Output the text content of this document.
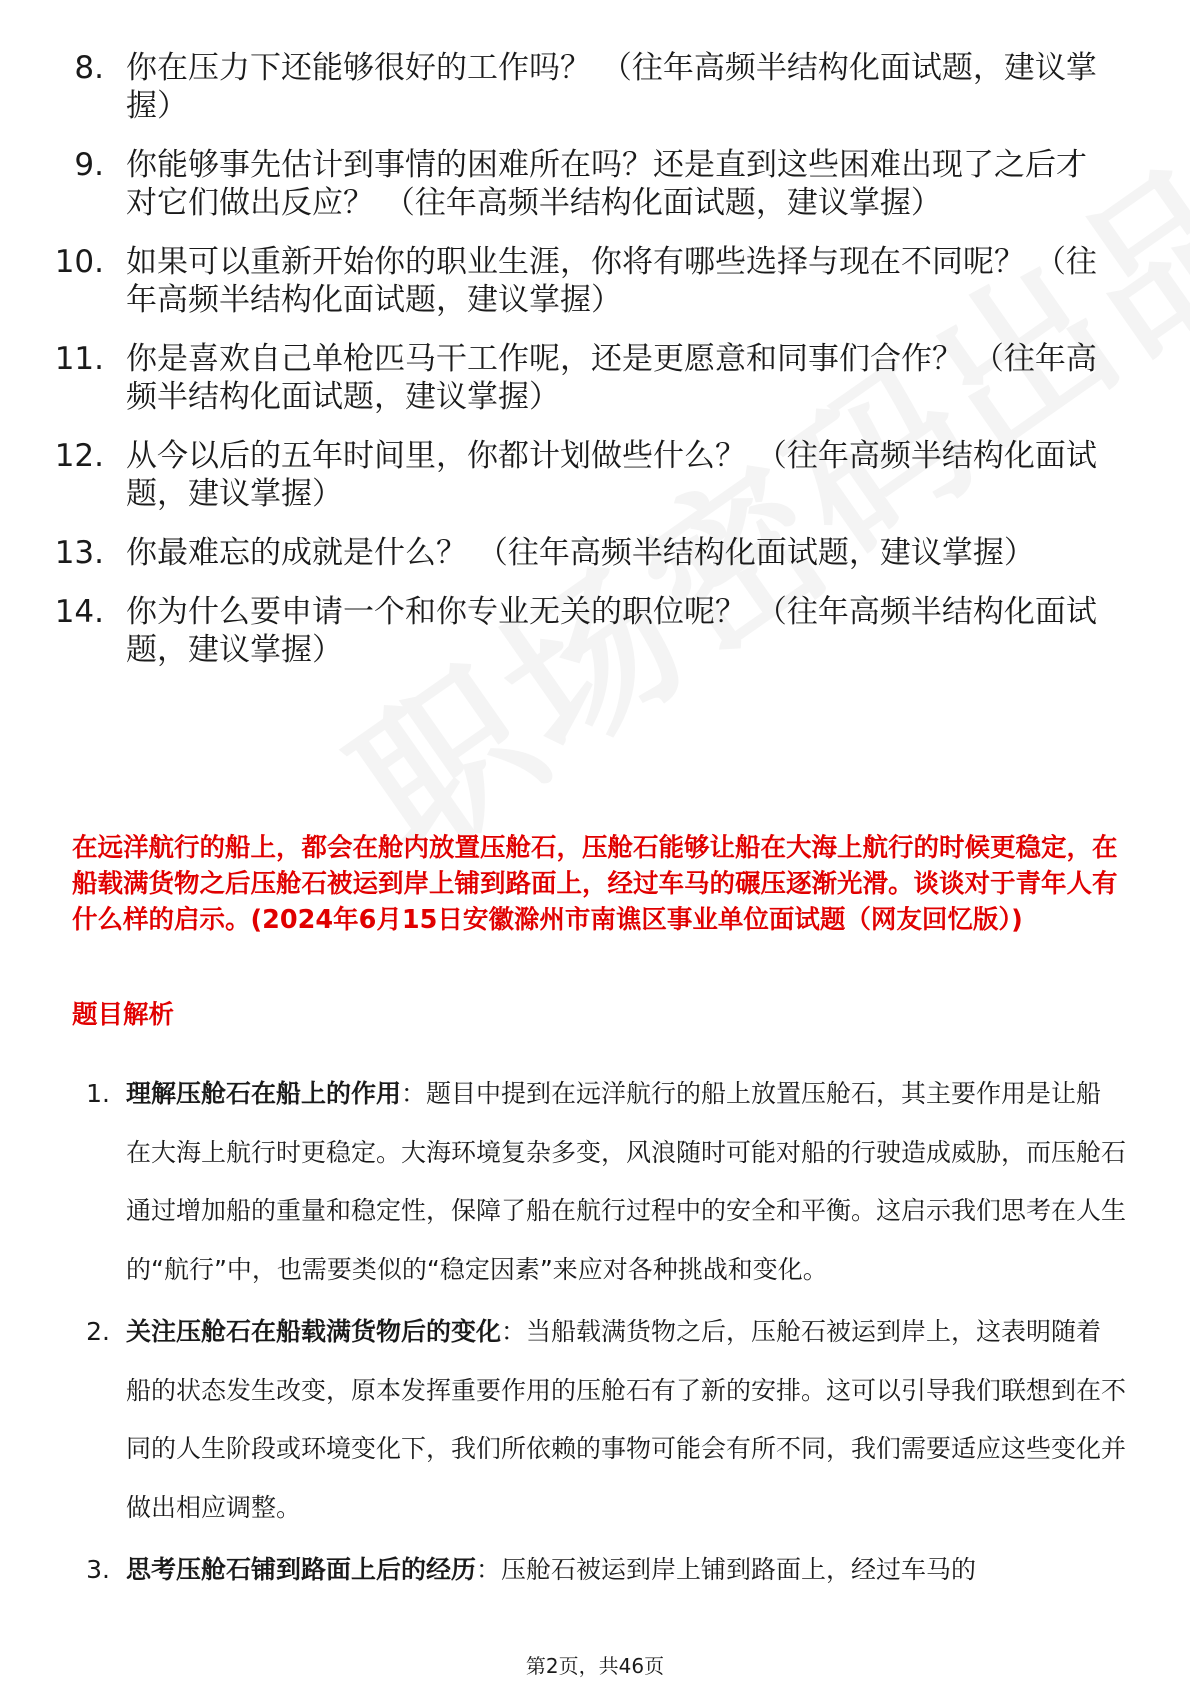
8. 你在压力下还能够很好的工作吗？ （往年高频半结构化面试题，建议掌握）
9. 你能够事先估计到事情的困难所在吗？还是直到这些困难出现了之后才对它们做出反应？ （往年高频半结构化面试题，建议掌握）
10. 如果可以重新开始你的职业生涯，你将有哪些选择与现在不同呢？ （往年高频半结构化面试题，建议掌握）
11. 你是喜欢自己单枪匹马干工作呢，还是更愿意和同事们合作？ （往年高频半结构化面试题，建议掌握）
12. 从今以后的五年时间里，你都计划做些什么？ （往年高频半结构化面试题，建议掌握）
13. 你最难忘的成就是什么？ （往年高频半结构化面试题，建议掌握）
14. 你为什么要申请一个和你专业无关的职位呢？ （往年高频半结构化面试题，建议掌握）
在远洋航行的船上，都会在舱内放置压舱石，压舱石能够让船在大海上航行的时候更稳定，在船载满货物之后压舱石被运到岸上铺到路面上，经过车马的碾压逐渐光滑。谈谈对于青年人有什么样的启示。(2024年6月15日安徽滁州市南谯区事业单位面试题（网友回忆版）)
题目解析
1. 理解压舱石在船上的作用：题目中提到在远洋航行的船上放置压舱石，其主要作用是让船在大海上航行时更稳定。大海环境复杂多变，风浪随时可能对船的行驶造成威胁，而压舱石通过增加船的重量和稳定性，保障了船在航行过程中的安全和平衡。这启示我们思考在人生的“航行”中，也需要类似的“稳定因素”来应对各种挑战和变化。
2. 关注压舱石在船载满货物后的变化：当船载满货物之后，压舱石被运到岸上，这表明随着船的状态发生改变，原本发挥重要作用的压舱石有了新的安排。这可以引导我们联想到在不同的人生阶段或环境变化下，我们所依赖的事物可能会有所不同，我们需要适应这些变化并做出相应调整。
3. 思考压舱石铺到路面上后的经历：压舱石被运到岸上铺到路面上，经过车马的
第2页，共46页
